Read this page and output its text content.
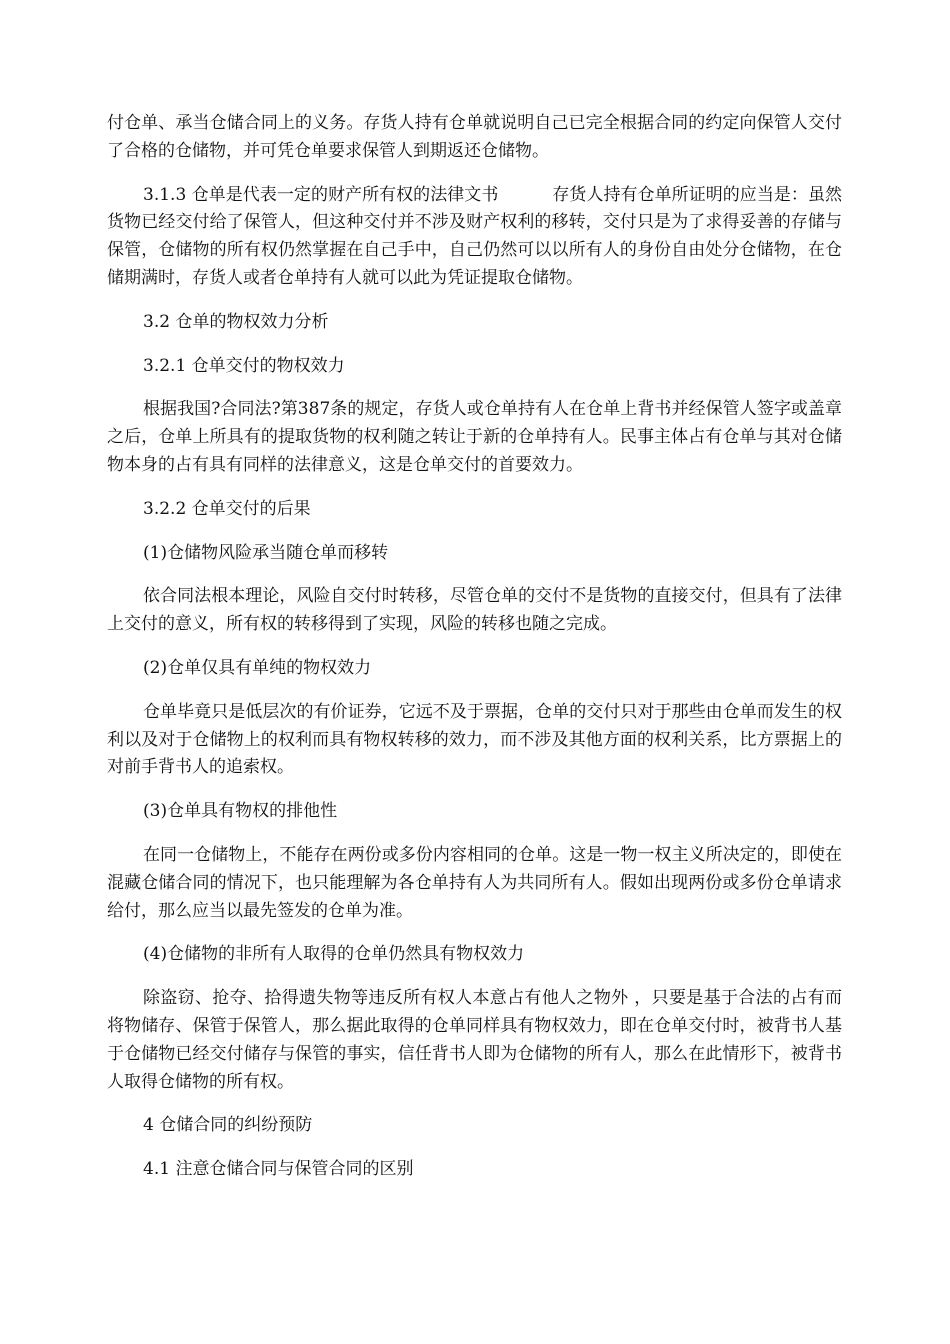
付仓单、承当仓储合同上的义务。存货人持有仓单就说明自己已完全根据合同的约定向保管人交付了合格的仓储物，并可凭仓单要求保管人到期返还仓储物。

3.1.3 仓单是代表一定的财产所有权的法律文书	存货人持有仓单所证明的应当是：虽然货物已经交付给了保管人，但这种交付并不涉及财产权利的移转，交付只是为了求得妥善的存储与保管，仓储物的所有权仍然掌握在自己手中，自己仍然可以以所有人的身份自由处分仓储物，在仓储期满时，存货人或者仓单持有人就可以此为凭证提取仓储物。

3.2 仓单的物权效力分析

3.2.1 仓单交付的物权效力

根据我国?合同法?第387条的规定，存货人或仓单持有人在仓单上背书并经保管人签字或盖章之后，仓单上所具有的提取货物的权利随之转让于新的仓单持有人。民事主体占有仓单与其对仓储物本身的占有具有同样的法律意义，这是仓单交付的首要效力。

3.2.2 仓单交付的后果

(1)仓储物风险承当随仓单而移转

依合同法根本理论，风险自交付时转移，尽管仓单的交付不是货物的直接交付，但具有了法律上交付的意义，所有权的转移得到了实现，风险的转移也随之完成。

(2)仓单仅具有单纯的物权效力

仓单毕竟只是低层次的有价证券，它远不及于票据，仓单的交付只对于那些由仓单而发生的权利以及对于仓储物上的权利而具有物权转移的效力，而不涉及其他方面的权利关系，比方票据上的对前手背书人的追索权。

(3)仓单具有物权的排他性

在同一仓储物上，不能存在两份或多份内容相同的仓单。这是一物一权主义所决定的，即使在混藏仓储合同的情况下，也只能理解为各仓单持有人为共同所有人。假如出现两份或多份仓单请求给付，那么应当以最先签发的仓单为准。

(4)仓储物的非所有人取得的仓单仍然具有物权效力

除盗窃、抢夺、拾得遗失物等违反所有权人本意占有他人之物外 ，只要是基于合法的占有而将物储存、保管于保管人，那么据此取得的仓单同样具有物权效力，即在仓单交付时，被背书人基于仓储物已经交付储存与保管的事实，信任背书人即为仓储物的所有人，那么在此情形下，被背书人取得仓储物的所有权。

4 仓储合同的纠纷预防

4.1 注意仓储合同与保管合同的区别
